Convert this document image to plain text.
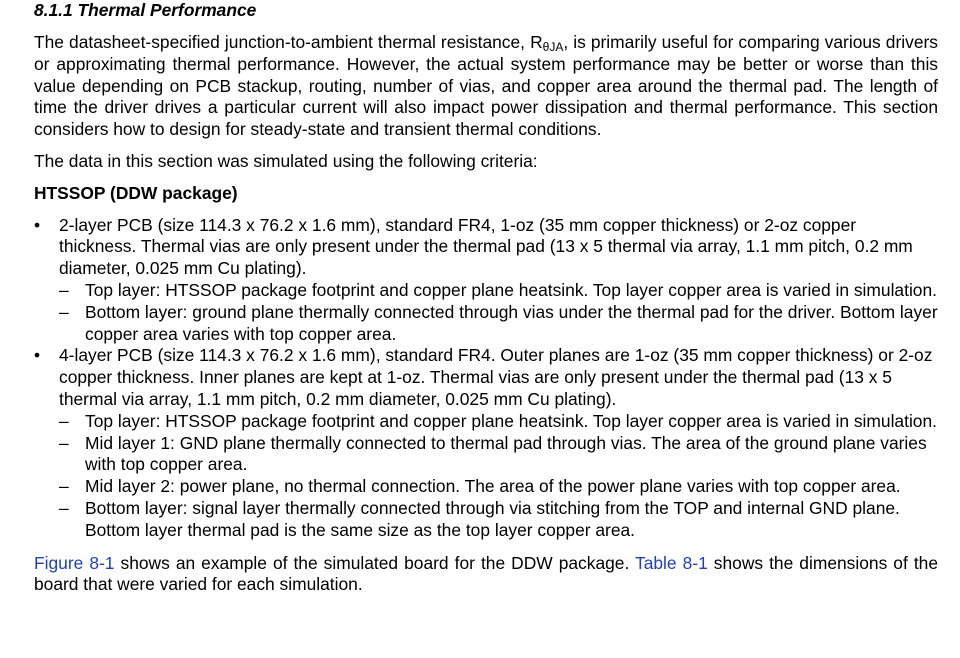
8.1.1 Thermal Performance

The datasheet-specified junction-to-ambient thermal resistance, $R_{\theta JA}$, is primarily useful for comparing various drivers or approximating thermal performance. However, the actual system performance may be better or worse than this value depending on PCB stackup, routing, number of vias, and copper area around the thermal pad. The length of time the driver drives a particular current will also impact power dissipation and thermal performance. This section considers how to design for steady-state and transient thermal conditions.

The data in this section was simulated using the following criteria:

HTSSOP (DDW package)

• 2-layer PCB (size 114.3 x 76.2 x 1.6 mm), standard FR4, 1-oz (35 mm copper thickness) or 2-oz copper thickness. Thermal vias are only present under the thermal pad (13 x 5 thermal via array, 1.1 mm pitch, 0.2 mm diameter, 0.025 mm Cu plating).
– Top layer: HTSSOP package footprint and copper plane heatsink. Top layer copper area is varied in simulation.
– Bottom layer: ground plane thermally connected through vias under the thermal pad for the driver. Bottom layer copper area varies with top copper area.
• 4-layer PCB (size 114.3 x 76.2 x 1.6 mm), standard FR4. Outer planes are 1-oz (35 mm copper thickness) or 2-oz copper thickness. Inner planes are kept at 1-oz. Thermal vias are only present under the thermal pad (13 x 5 thermal via array, 1.1 mm pitch, 0.2 mm diameter, 0.025 mm Cu plating).
– Top layer: HTSSOP package footprint and copper plane heatsink. Top layer copper area is varied in simulation.
– Mid layer 1: GND plane thermally connected to thermal pad through vias. The area of the ground plane varies with top copper area.
– Mid layer 2: power plane, no thermal connection. The area of the power plane varies with top copper area.
– Bottom layer: signal layer thermally connected through via stitching from the TOP and internal GND plane. Bottom layer thermal pad is the same size as the top layer copper area.

Figure 8-1 shows an example of the simulated board for the DDW package. Table 8-1 shows the dimensions of the board that were varied for each simulation.
